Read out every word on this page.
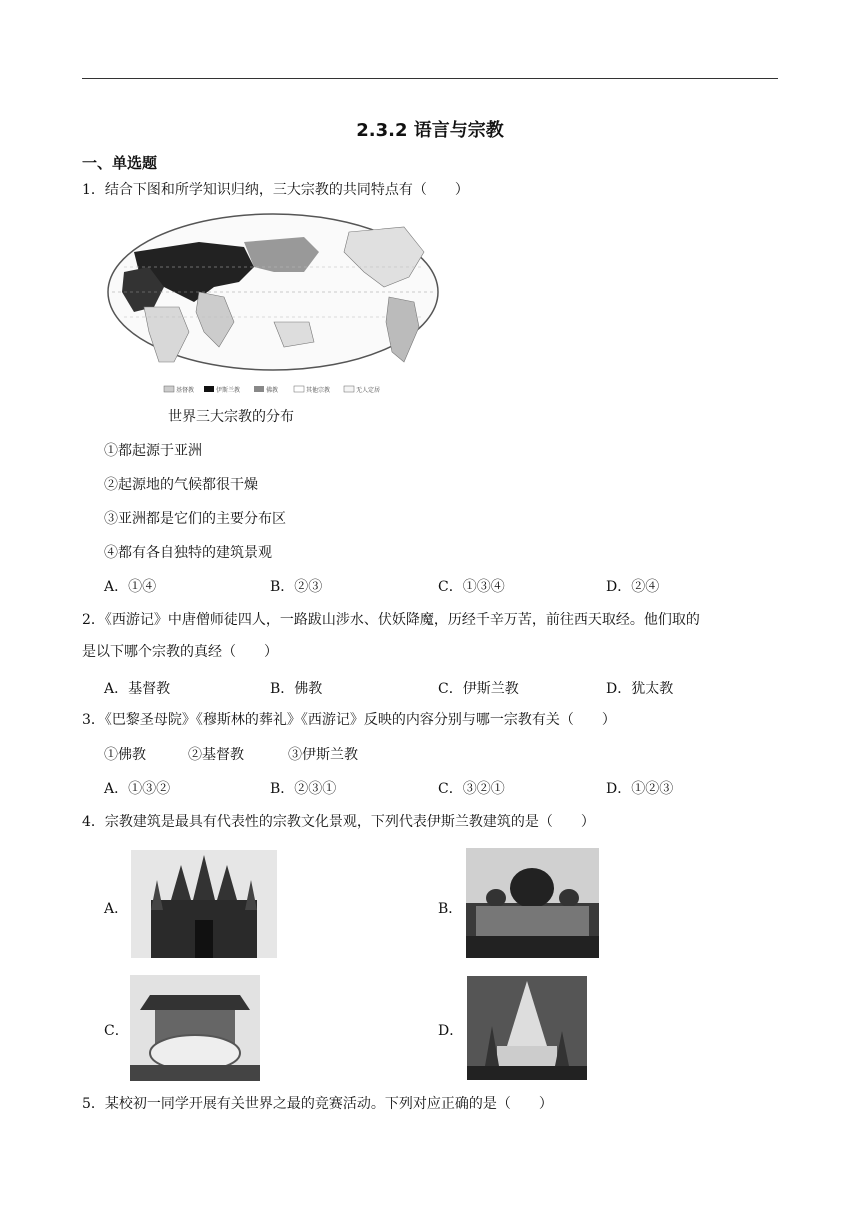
2.3.2 语言与宗教
一、单选题
1．结合下图和所学知识归纳，三大宗教的共同特点有（　　）
基督教	伊斯兰教	佛教	其他宗教	无人定居
世界三大宗教的分布
①都起源于亚洲
②起源地的气候都很干燥
③亚洲都是它们的主要分布区
④都有各自独特的建筑景观
A．①④	B．②③	C．①③④	D．②④
2．《西游记》中唐僧师徒四人，一路跋山涉水、伏妖降魔，历经千辛万苦，前往西天取经。他们取的
是以下哪个宗教的真经（　　）
A．基督教	B．佛教	C．伊斯兰教	D．犹太教
3．《巴黎圣母院》《穆斯林的葬礼》《西游记》反映的内容分别与哪一宗教有关（　　）
①佛教	②基督教	③伊斯兰教
A．①③②	B．②③①	C．③②①	D．①②③
4．宗教建筑是最具有代表性的宗教文化景观，下列代表伊斯兰教建筑的是（　　）
A．	B．
C．	D．
5．某校初一同学开展有关世界之最的竞赛活动。下列对应正确的是（　　）
